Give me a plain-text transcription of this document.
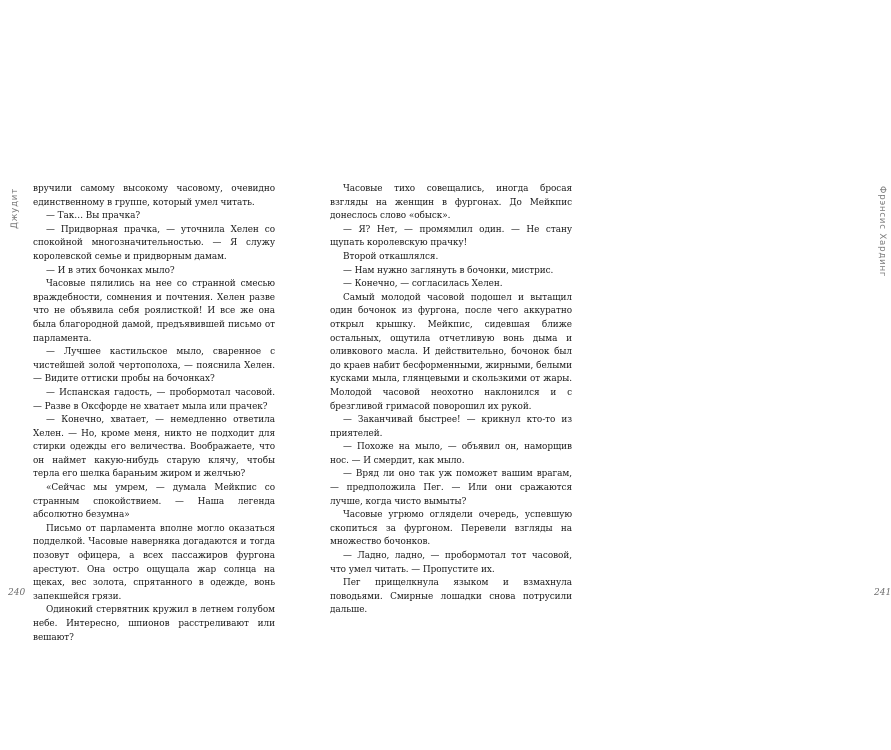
Джудит вручили самому высокому часовому, очевидно единственному в группе, который умел читать.

— Так… Вы прачка?

— Придворная прачка, — уточнила Хелен со спокойной многозначительностью. — Я служу королевской семье и придворным дамам.

— И в этих бочонках мыло?

Часовые пялились на нее со странной смесью враждебности, сомнения и почтения. Хелен разве что не объявила себя роялисткой! И все же она была благородной дамой, предъявившей письмо от парламента.

— Лучшее кастильское мыло, сваренное с чистейшей золой чертополоха, — пояснила Хелен. — Видите оттиски пробы на бочонках?

— Испанская гадость, — пробормотал часовой. — Разве в Оксфорде не хватает мыла или прачек?

— Конечно, хватает, — немедленно ответила Хелен. — Но, кроме меня, никто не подходит для стирки одежды его величества. Воображаете, что он наймет какую-нибудь старую клячу, чтобы терла его шелка бараньим жиром и желчью?

«Сейчас мы умрем, — думала Мейкпис со странным спокойствием. — Наша легенда абсолютно безумна»

Письмо от парламента вполне могло оказаться подделкой. Часовые наверняка догадаются и тогда позовут офицера, а всех пассажиров фургона арестуют. Она остро ощущала жар солнца на щеках, вес золота, спрятанного в одежде, вонь запекшейся грязи.

Одинокий стервятник кружил в летнем голубом небе. Интересно, шпионов расстреливают или вешают?

240
Фрэнсис Хардинг
241

Часовые тихо совещались, иногда бросая взгляды на женщин в фургонах. До Мейкпис донеслось слово «обыск».

— Я? Нет, — промямлил один. — Не стану щупать королевскую прачку!

Второй откашлялся.

— Нам нужно заглянуть в бочонки, мистрис.

— Конечно, — согласилась Хелен.

Самый молодой часовой подошел и вытащил один бочонок из фургона, после чего аккуратно открыл крышку. Мейкпис, сидевшая ближе остальных, ощутила отчетливую вонь дыма и оливкового масла. И действительно, бочонок был до краев набит бесформенными, жирными, белыми кусками мыла, глянцевыми и скользкими от жары. Молодой часовой неохотно наклонился и с брезгливой гримасой поворошил их рукой.

— Заканчивай быстрее! — крикнул кто-то из приятелей.

— Похоже на мыло, — объявил он, наморщив нос. — И смердит, как мыло.

— Вряд ли оно так уж поможет вашим врагам, — предположила Пег. — Или они сражаются лучше, когда чисто вымыты?

Часовые угрюмо оглядели очередь, успевшую скопиться за фургоном. Перевели взгляды на множество бочонков.

— Ладно, ладно, — пробормотал тот часовой, что умел читать. — Пропустите их.

Пег прищелкнула языком и взмахнула поводьями. Смирные лошадки снова потрусили дальше.
